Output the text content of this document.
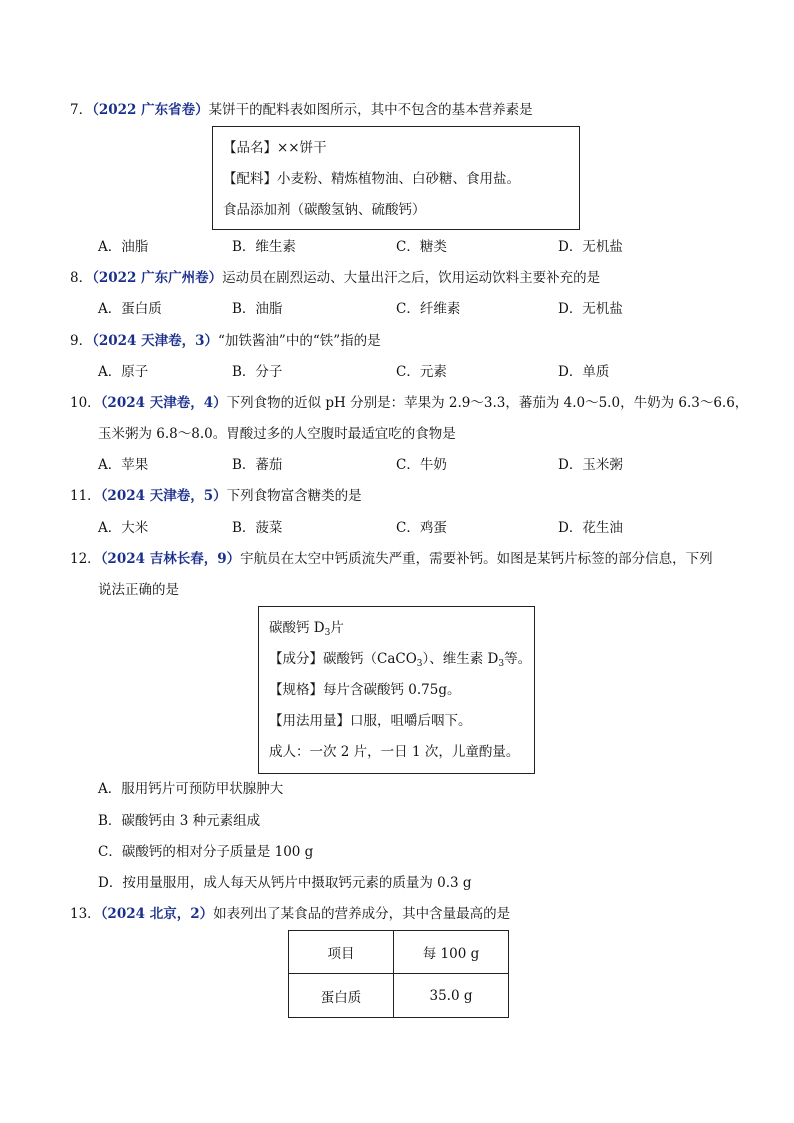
7．（2022 广东省卷）某饼干的配料表如图所示，其中不包含的基本营养素是
【品名】××饼干
【配料】小麦粉、精炼植物油、白砂糖、食用盐。
食品添加剂（碳酸氢钠、硫酸钙）
A．油脂	B．维生素	C．糖类	D．无机盐
8．（2022 广东广州卷）运动员在剧烈运动、大量出汗之后，饮用运动饮料主要补充的是
A．蛋白质	B．油脂	C．纤维素	D．无机盐
9．（2024 天津卷，3）“加铁酱油”中的“铁”指的是
A．原子	B．分子	C．元素	D．单质
10．（2024 天津卷，4）下列食物的近似 pH 分别是：苹果为 2.9～3.3，蕃茄为 4.0～5.0，牛奶为 6.3～6.6，
玉米粥为 6.8～8.0。胃酸过多的人空腹时最适宜吃的食物是
A．苹果	B．蕃茄	C．牛奶	D．玉米粥
11．（2024 天津卷，5）下列食物富含糖类的是
A．大米	B．菠菜	C．鸡蛋	D．花生油
12．（2024 吉林长春，9）宇航员在太空中钙质流失严重，需要补钙。如图是某钙片标签的部分信息，下列
说法正确的是
碳酸钙 $D_3$片
【成分】碳酸钙（CaCO$_3$）、维生素 $D_3$等。
【规格】每片含碳酸钙 0.75g。
【用法用量】口服，咀嚼后咽下。
成人：一次 2 片，一日 1 次，儿童酌量。
A．服用钙片可预防甲状腺肿大
B．碳酸钙由 3 种元素组成
C．碳酸钙的相对分子质量是 100 g
D．按用量服用，成人每天从钙片中摄取钙元素的质量为 0.3 g
13．（2024 北京，2）如表列出了某食品的营养成分，其中含量最高的是
项目	每 100 g
蛋白质	35.0 g
